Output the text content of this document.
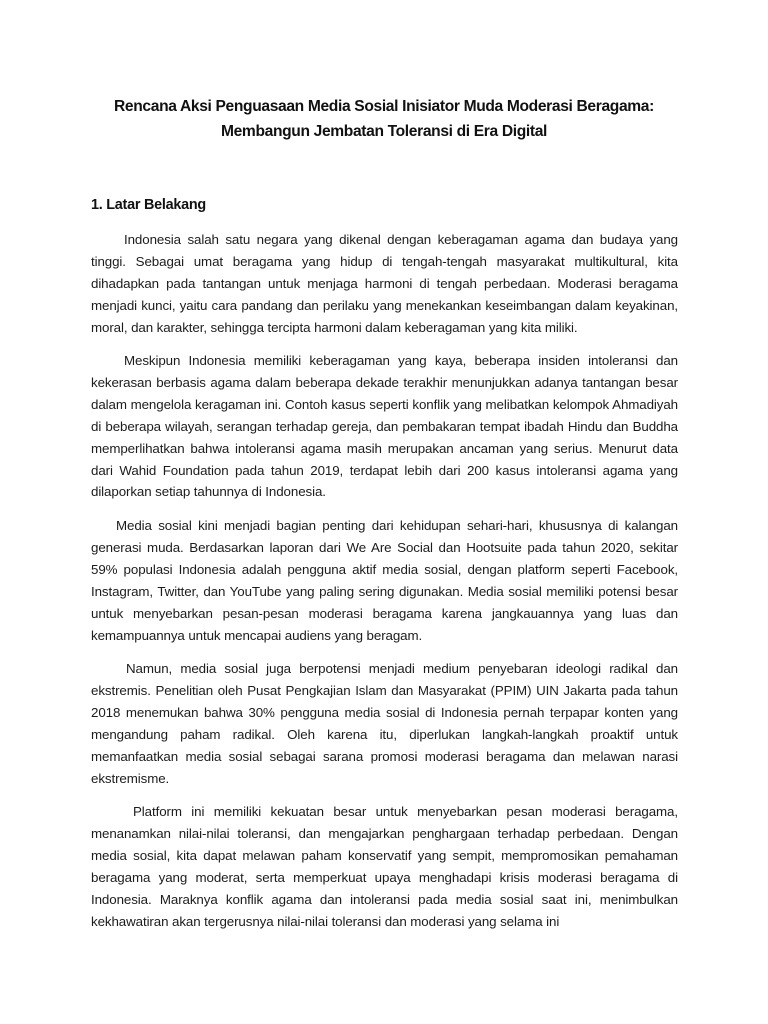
Rencana Aksi Penguasaan Media Sosial Inisiator Muda Moderasi Beragama:
Membangun Jembatan Toleransi di Era Digital
1. Latar Belakang

Indonesia salah satu negara yang dikenal dengan keberagaman agama dan budaya yang tinggi. Sebagai umat beragama yang hidup di tengah-tengah masyarakat multikultural, kita dihadapkan pada tantangan untuk menjaga harmoni di tengah perbedaan. Moderasi beragama menjadi kunci, yaitu cara pandang dan perilaku yang menekankan keseimbangan dalam keyakinan, moral, dan karakter, sehingga tercipta harmoni dalam keberagaman yang kita miliki.

Meskipun Indonesia memiliki keberagaman yang kaya, beberapa insiden intoleransi dan kekerasan berbasis agama dalam beberapa dekade terakhir menunjukkan adanya tantangan besar dalam mengelola keragaman ini. Contoh kasus seperti konflik yang melibatkan kelompok Ahmadiyah di beberapa wilayah, serangan terhadap gereja, dan pembakaran tempat ibadah Hindu dan Buddha memperlihatkan bahwa intoleransi agama masih merupakan ancaman yang serius. Menurut data dari Wahid Foundation pada tahun 2019, terdapat lebih dari 200 kasus intoleransi agama yang dilaporkan setiap tahunnya di Indonesia.

Media sosial kini menjadi bagian penting dari kehidupan sehari-hari, khususnya di kalangan generasi muda. Berdasarkan laporan dari We Are Social dan Hootsuite pada tahun 2020, sekitar 59% populasi Indonesia adalah pengguna aktif media sosial, dengan platform seperti Facebook, Instagram, Twitter, dan YouTube yang paling sering digunakan. Media sosial memiliki potensi besar untuk menyebarkan pesan-pesan moderasi beragama karena jangkauannya yang luas dan kemampuannya untuk mencapai audiens yang beragam.

Namun, media sosial juga berpotensi menjadi medium penyebaran ideologi radikal dan ekstremis. Penelitian oleh Pusat Pengkajian Islam dan Masyarakat (PPIM) UIN Jakarta pada tahun 2018 menemukan bahwa 30% pengguna media sosial di Indonesia pernah terpapar konten yang mengandung paham radikal. Oleh karena itu, diperlukan langkah-langkah proaktif untuk memanfaatkan media sosial sebagai sarana promosi moderasi beragama dan melawan narasi ekstremisme.

Platform ini memiliki kekuatan besar untuk menyebarkan pesan moderasi beragama, menanamkan nilai-nilai toleransi, dan mengajarkan penghargaan terhadap perbedaan. Dengan media sosial, kita dapat melawan paham konservatif yang sempit, mempromosikan pemahaman beragama yang moderat, serta memperkuat upaya menghadapi krisis moderasi beragama di Indonesia. Maraknya konflik agama dan intoleransi pada media sosial saat ini, menimbulkan kekhawatiran akan tergerusnya nilai-nilai toleransi dan moderasi yang selama ini
